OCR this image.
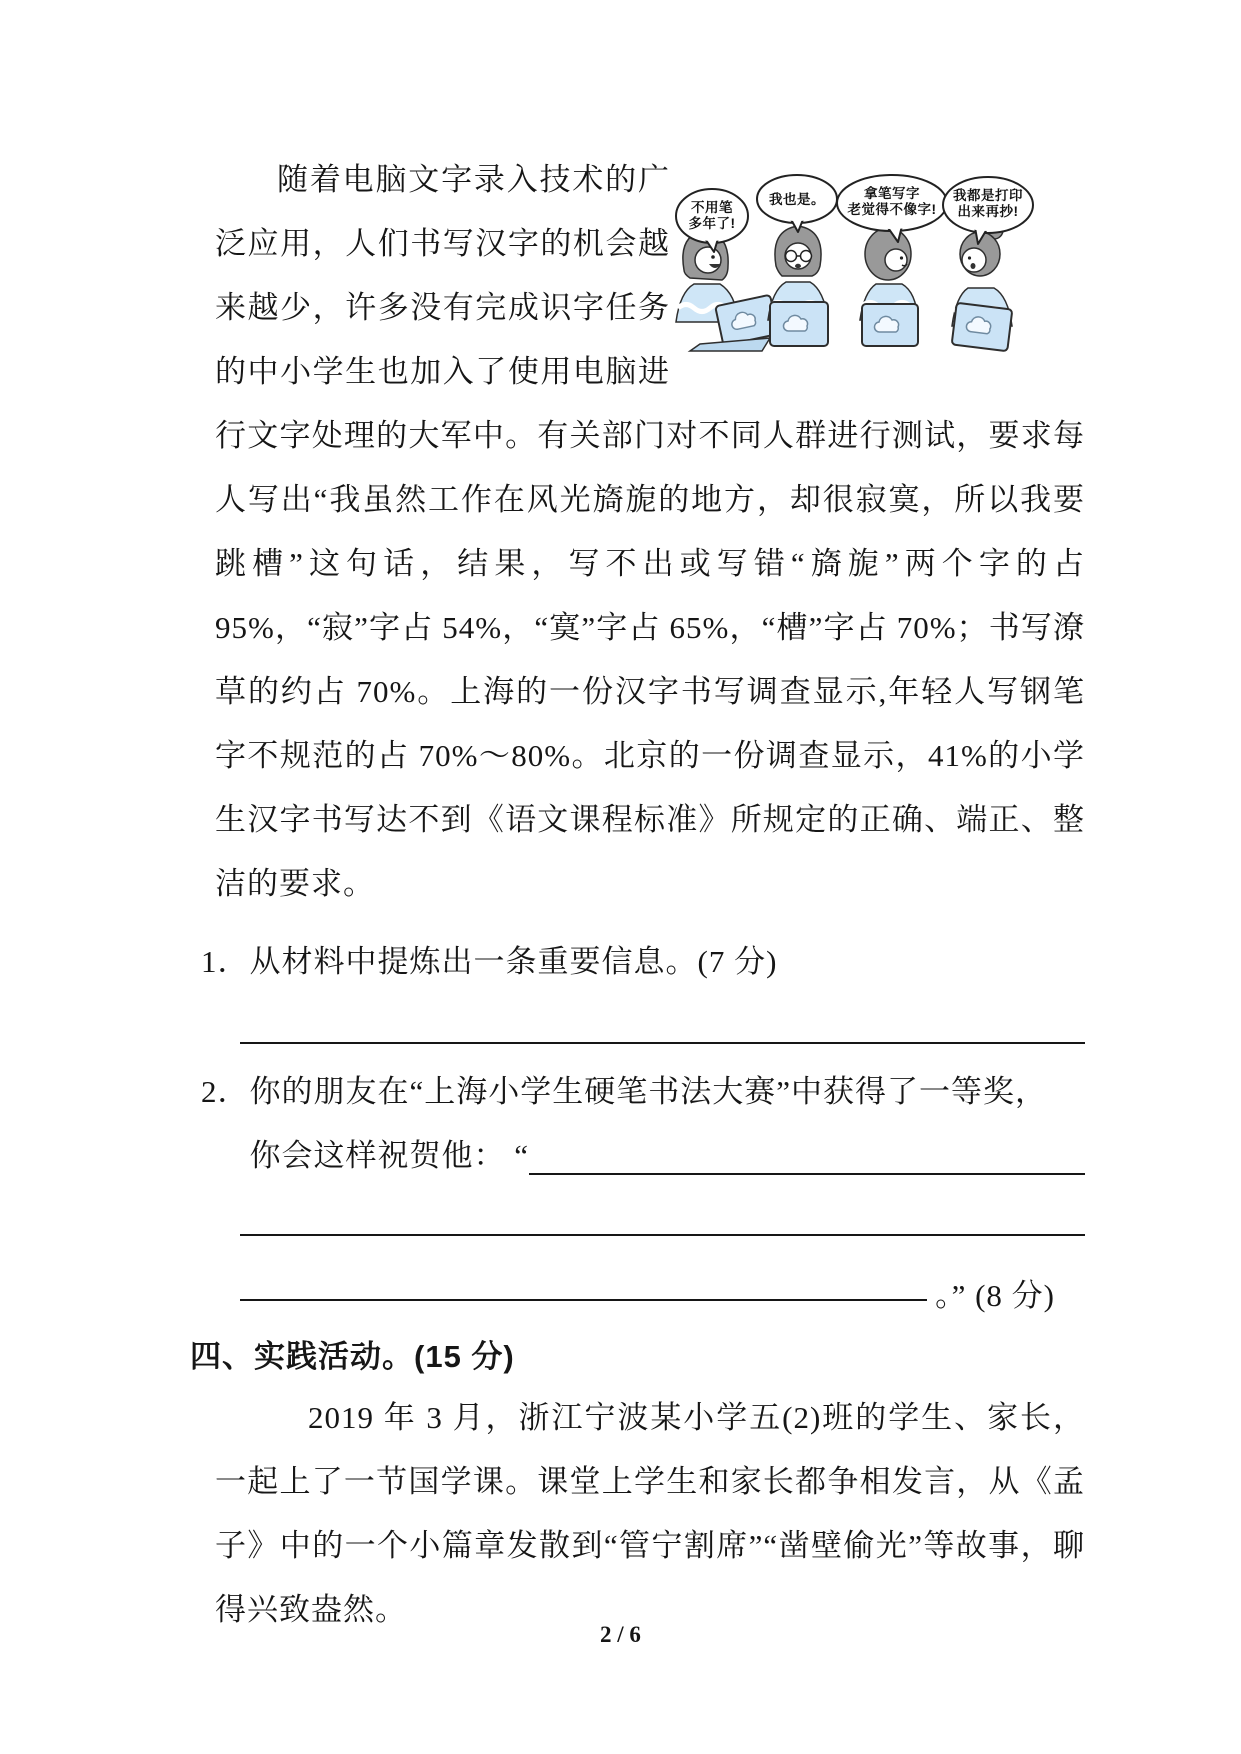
不用笔
多年了!
我也是。	拿笔写字
老觉得不像字!
我都是打印
出来再抄!

随着电脑文字录入技术的广泛应用，人们书写汉字的机会越来越少，许多没有完成识字任务的中小学生也加入了使用电脑进行文字处理的大军中。有关部门对不同人群进行测试，要求每人写出“我虽然工作在风光旖旎的地方，却很寂寞，所以我要跳槽”这句话，结果，写不出或写错“旖旎”两个字的占 95%，“寂”字占 54%，“寞”字占 65%，“槽”字占 70%；书写潦草的约占 70%。上海的一份汉字书写调查显示,年轻人写钢笔字不规范的占 70%～80%。北京的一份调查显示，41%的小学生汉字书写达不到《语文课程标准》所规定的正确、端正、整洁的要求。

1． 从材料中提炼出一条重要信息。(7 分)
2． 你的朋友在“上海小学生硬笔书法大赛”中获得了一等奖，
你会这样祝贺他： “
。” (8 分)
四、实践活动。(15 分)

2019 年 3 月，浙江宁波某小学五(2)班的学生、家长，一起上了一节国学课。课堂上学生和家长都争相发言，从《孟子》中的一个小篇章发散到“管宁割席”“凿壁偷光”等故事，聊得兴致盎然。

2 / 6
